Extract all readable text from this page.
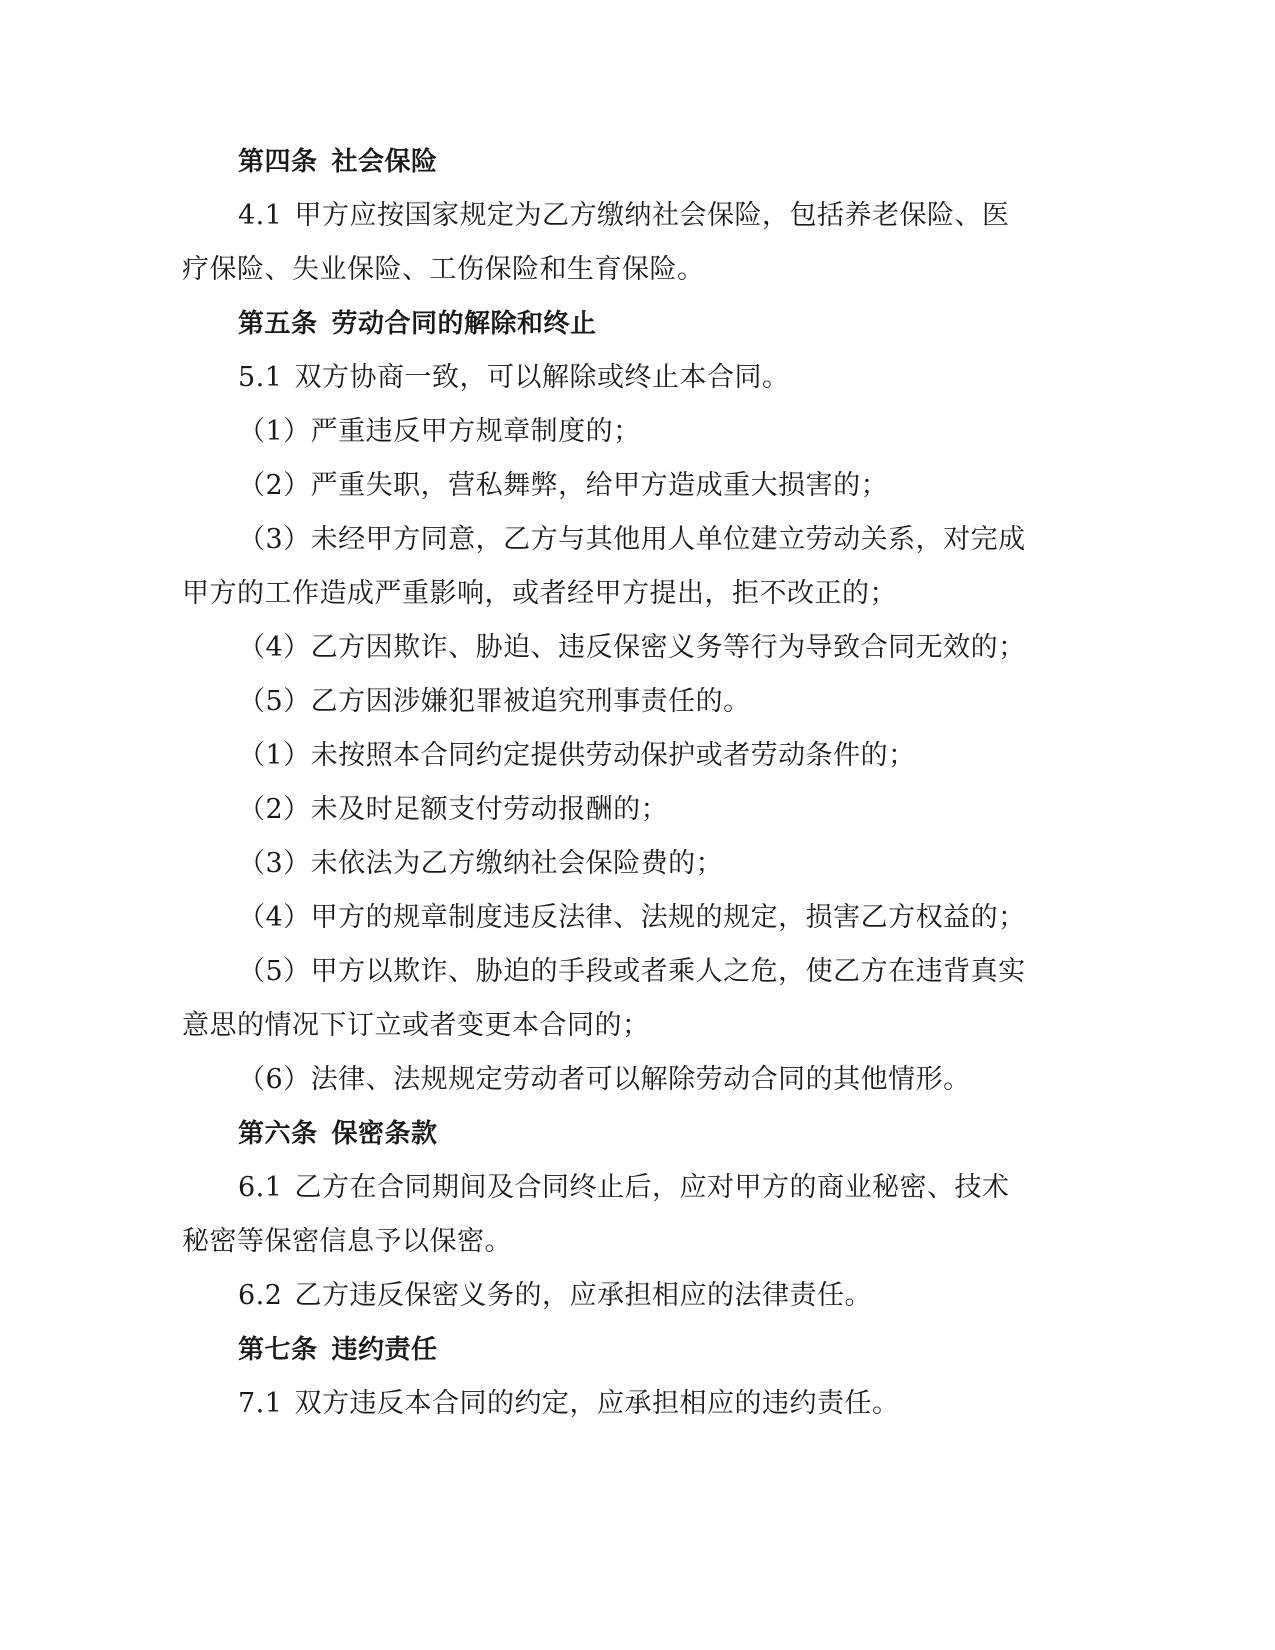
第四条 社会保险
4.1 甲方应按国家规定为乙方缴纳社会保险，包括养老保险、医
疗保险、失业保险、工伤保险和生育保险。
第五条 劳动合同的解除和终止
5.1 双方协商一致，可以解除或终止本合同。
（1）严重违反甲方规章制度的；
（2）严重失职，营私舞弊，给甲方造成重大损害的；
（3）未经甲方同意，乙方与其他用人单位建立劳动关系，对完成
甲方的工作造成严重影响，或者经甲方提出，拒不改正的；
（4）乙方因欺诈、胁迫、违反保密义务等行为导致合同无效的；
（5）乙方因涉嫌犯罪被追究刑事责任的。
（1）未按照本合同约定提供劳动保护或者劳动条件的；
（2）未及时足额支付劳动报酬的；
（3）未依法为乙方缴纳社会保险费的；
（4）甲方的规章制度违反法律、法规的规定，损害乙方权益的；
（5）甲方以欺诈、胁迫的手段或者乘人之危，使乙方在违背真实
意思的情况下订立或者变更本合同的；
（6）法律、法规规定劳动者可以解除劳动合同的其他情形。
第六条 保密条款
6.1 乙方在合同期间及合同终止后，应对甲方的商业秘密、技术
秘密等保密信息予以保密。
6.2 乙方违反保密义务的，应承担相应的法律责任。
第七条 违约责任
7.1 双方违反本合同的约定，应承担相应的违约责任。
